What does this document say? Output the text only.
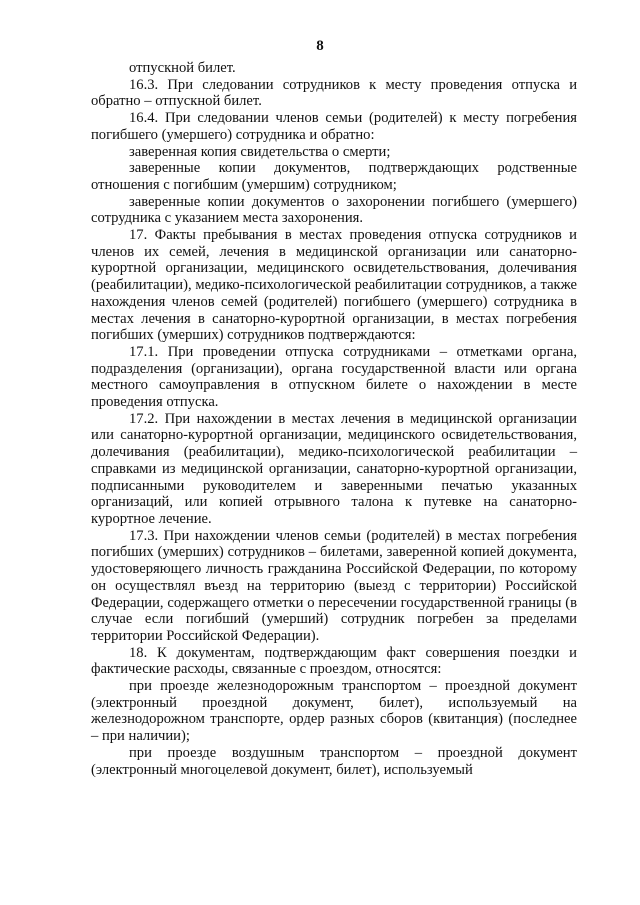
8

отпускной билет.

16.3. При следовании сотрудников к месту проведения отпуска и обратно – отпускной билет.

16.4. При следовании членов семьи (родителей) к месту погребения погибшего (умершего) сотрудника и обратно:

заверенная копия свидетельства о смерти;

заверенные копии документов, подтверждающих родственные отношения с погибшим (умершим) сотрудником;

заверенные копии документов о захоронении погибшего (умершего) сотрудника с указанием места захоронения.

17. Факты пребывания в местах проведения отпуска сотрудников и членов их семей, лечения в медицинской организации или санаторно-курортной организации, медицинского освидетельствования, долечивания (реабилитации), медико-психологической реабилитации сотрудников, а также нахождения членов семей (родителей) погибшего (умершего) сотрудника в местах лечения в санаторно-курортной организации, в местах погребения погибших (умерших) сотрудников подтверждаются:

17.1. При проведении отпуска сотрудниками – отметками органа, подразделения (организации), органа государственной власти или органа местного самоуправления в отпускном билете о нахождении в месте проведения отпуска.

17.2. При нахождении в местах лечения в медицинской организации или санаторно-курортной организации, медицинского освидетельствования, долечивания (реабилитации), медико-психологической реабилитации – справками из медицинской организации, санаторно-курортной организации, подписанными руководителем и заверенными печатью указанных организаций, или копией отрывного талона к путевке на санаторно-курортное лечение.

17.3. При нахождении членов семьи (родителей) в местах погребения погибших (умерших) сотрудников – билетами, заверенной копией документа, удостоверяющего личность гражданина Российской Федерации, по которому он осуществлял въезд на территорию (выезд с территории) Российской Федерации, содержащего отметки о пересечении государственной границы (в случае если погибший (умерший) сотрудник погребен за пределами территории Российской Федерации).

18. К документам, подтверждающим факт совершения поездки и фактические расходы, связанные с проездом, относятся:

при проезде железнодорожным транспортом – проездной документ (электронный проездной документ, билет), используемый на железнодорожном транспорте, ордер разных сборов (квитанция) (последнее – при наличии);

при проезде воздушным транспортом – проездной документ (электронный многоцелевой документ, билет), используемый
